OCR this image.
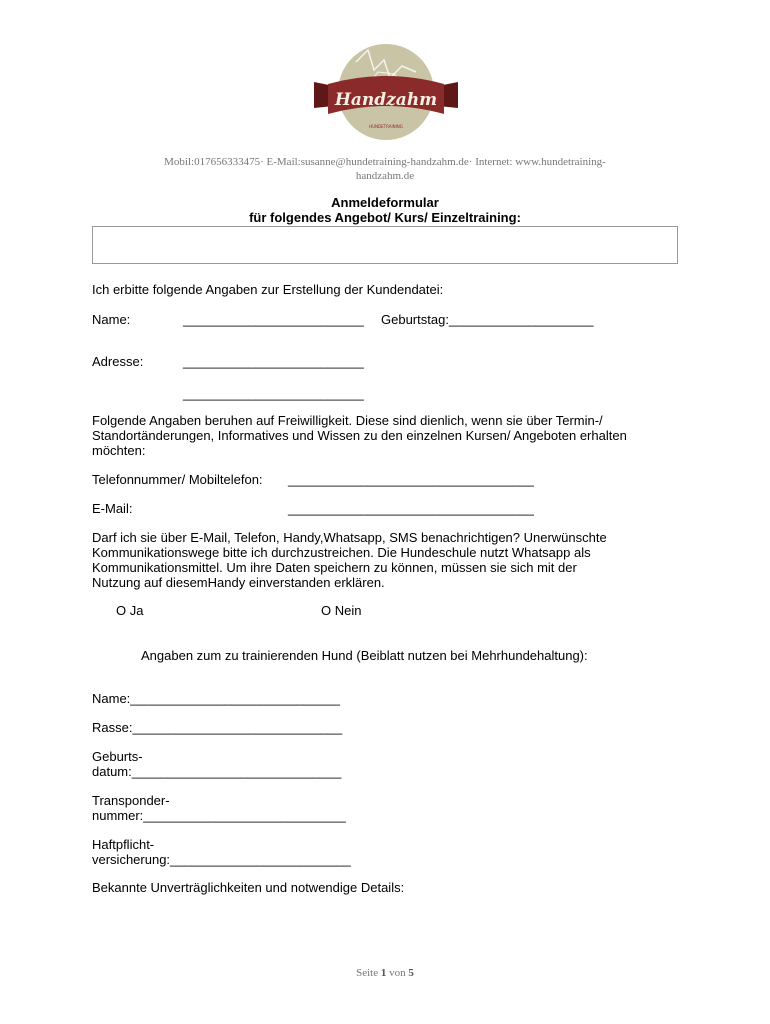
Handzahm
HUNDETRAINING
Mobil:017656333475· E-Mail:susanne@hundetraining-handzahm.de· Internet: www.hundetraining-
handzahm.de
Anmeldeformular
für folgendes Angebot/ Kurs/ Einzeltraining:
Ich erbitte folgende Angaben zur Erstellung der Kundendatei:
Name:	_________________________ Geburtstag:____________________
Adresse:	_________________________
_________________________
Folgende Angaben beruhen auf Freiwilligkeit. Diese sind dienlich, wenn sie über Termin-/
Standortänderungen, Informatives und Wissen zu den einzelnen Kursen/ Angeboten erhalten
möchten:
Telefonnummer/ Mobiltelefon: __________________________________
E-Mail:	__________________________________
Darf ich sie über E-Mail, Telefon, Handy,Whatsapp, SMS benachrichtigen? Unerwünschte
Kommunikationswege bitte ich durchzustreichen. Die Hundeschule nutzt Whatsapp als
Kommunikationsmittel. Um ihre Daten speichern zu können, müssen sie sich mit der
Nutzung auf diesemHandy einverstanden erklären.
O Ja	O Nein
Angaben zum zu trainierenden Hund (Beiblatt nutzen bei Mehrhundehaltung):
Name:_____________________________
Rasse:_____________________________
Geburts-
datum:_____________________________
Transponder-
nummer:____________________________
Haftpflicht-
versicherung:_________________________
Bekannte Unverträglichkeiten und notwendige Details:
Seite 1 von 5
